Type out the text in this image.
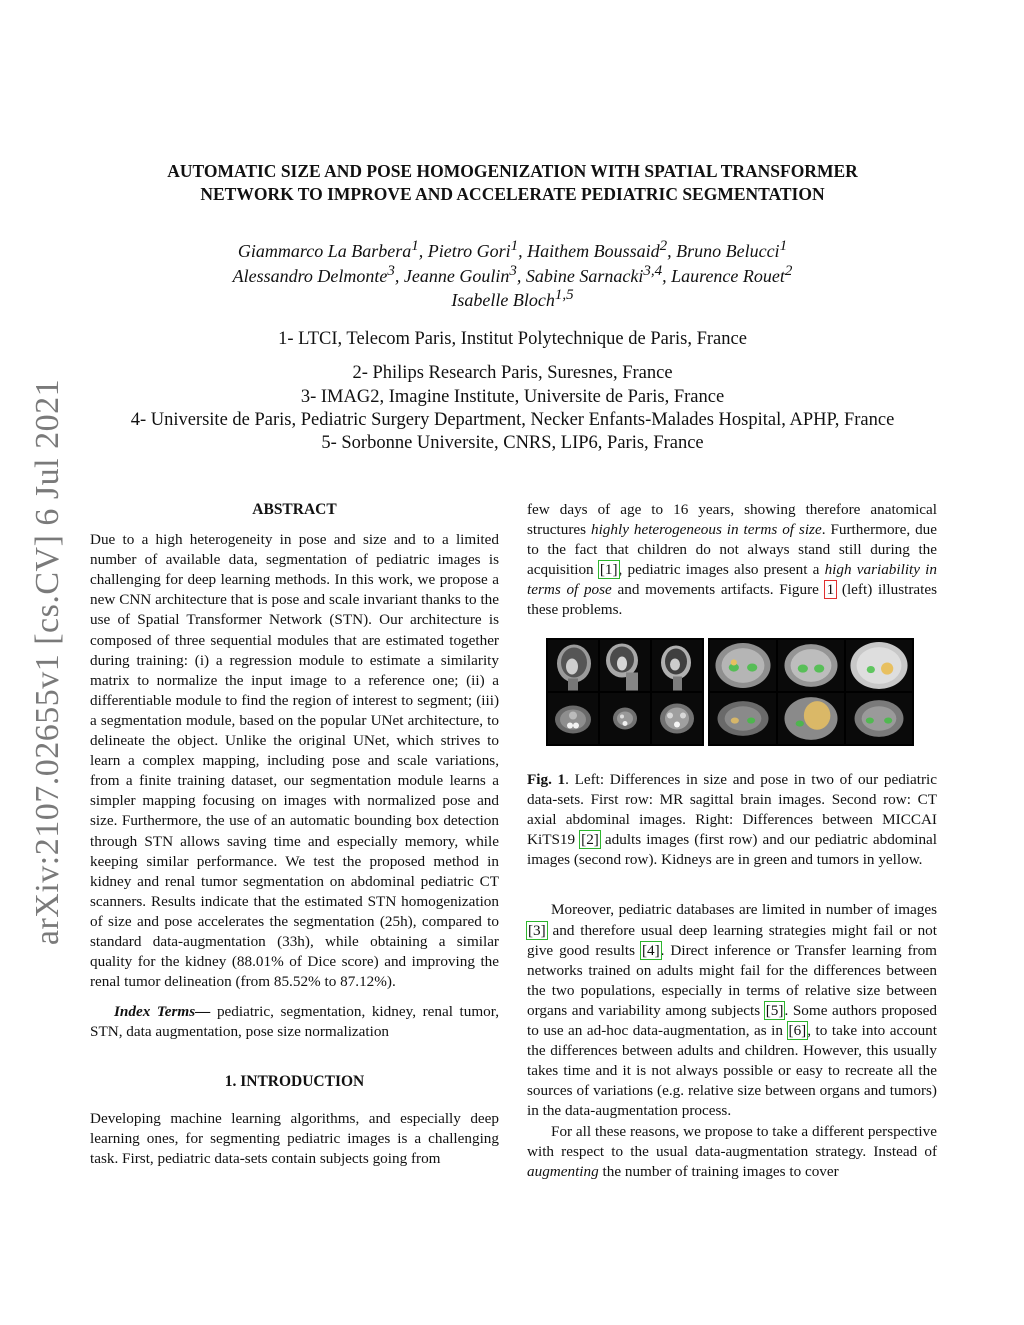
arXiv:2107.02655v1 [cs.CV] 6 Jul 2021
AUTOMATIC SIZE AND POSE HOMOGENIZATION WITH SPATIAL TRANSFORMER
NETWORK TO IMPROVE AND ACCELERATE PEDIATRIC SEGMENTATION
Giammarco La Barbera$^1$, Pietro Gori$^1$, Haithem Boussaid$^2$, Bruno Belucci$^1$
Alessandro Delmonte$^3$, Jeanne Goulin$^3$, Sabine Sarnacki$^{3,4}$, Laurence Rouet$^2$
Isabelle Bloch$^{1,5}$
1- LTCI, Telecom Paris, Institut Polytechnique de Paris, France
2- Philips Research Paris, Suresnes, France
3- IMAG2, Imagine Institute, Universite de Paris, France
4- Universite de Paris, Pediatric Surgery Department, Necker Enfants-Malades Hospital, APHP, France
5- Sorbonne Universite, CNRS, LIP6, Paris, France
ABSTRACT

Due to a high heterogeneity in pose and size and to a limited number of available data, segmentation of pediatric images is challenging for deep learning methods. In this work, we propose a new CNN architecture that is pose and scale invariant thanks to the use of Spatial Transformer Network (STN). Our architecture is composed of three sequential modules that are estimated together during training: (i) a regression module to estimate a similarity matrix to normalize the input image to a reference one; (ii) a differentiable module to find the region of interest to segment; (iii) a segmentation module, based on the popular UNet architecture, to delineate the object. Unlike the original UNet, which strives to learn a complex mapping, including pose and scale variations, from a finite training dataset, our segmentation module learns a simpler mapping focusing on images with normalized pose and size. Furthermore, the use of an automatic bounding box detection through STN allows saving time and especially memory, while keeping similar performance. We test the proposed method in kidney and renal tumor segmentation on abdominal pediatric CT scanners. Results indicate that the estimated STN homogenization of size and pose accelerates the segmentation (25h), compared to standard data-augmentation (33h), while obtaining a similar quality for the kidney (88.01% of Dice score) and improving the renal tumor delineation (from 85.52% to 87.12%).

Index Terms— pediatric, segmentation, kidney, renal tumor, STN, data augmentation, pose size normalization

1. INTRODUCTION

Developing machine learning algorithms, and especially deep learning ones, for segmenting pediatric images is a challenging task. First, pediatric data-sets contain subjects going from

few days of age to 16 years, showing therefore anatomical structures highly heterogeneous in terms of size. Furthermore, due to the fact that children do not always stand still during the acquisition [1], pediatric images also present a high variability in terms of pose and movements artifacts. Figure 1 (left) illustrates these problems.

Fig. 1. Left: Differences in size and pose in two of our pediatric data-sets. First row: MR sagittal brain images. Second row: CT axial abdominal images. Right: Differences between MICCAI KiTS19 [2] adults images (first row) and our pediatric abdominal images (second row). Kidneys are in green and tumors in yellow.

Moreover, pediatric databases are limited in number of images [3] and therefore usual deep learning strategies might fail or not give good results [4]. Direct inference or Transfer learning from networks trained on adults might fail for the differences between the two populations, especially in terms of relative size between organs and variability among subjects [5]. Some authors proposed to use an ad-hoc data-augmentation, as in [6], to take into account the differences between adults and children. However, this usually takes time and it is not always possible or easy to recreate all the sources of variations (e.g. relative size between organs and tumors) in the data-augmentation process.

For all these reasons, we propose to take a different perspective with respect to the usual data-augmentation strategy. Instead of augmenting the number of training images to cover
